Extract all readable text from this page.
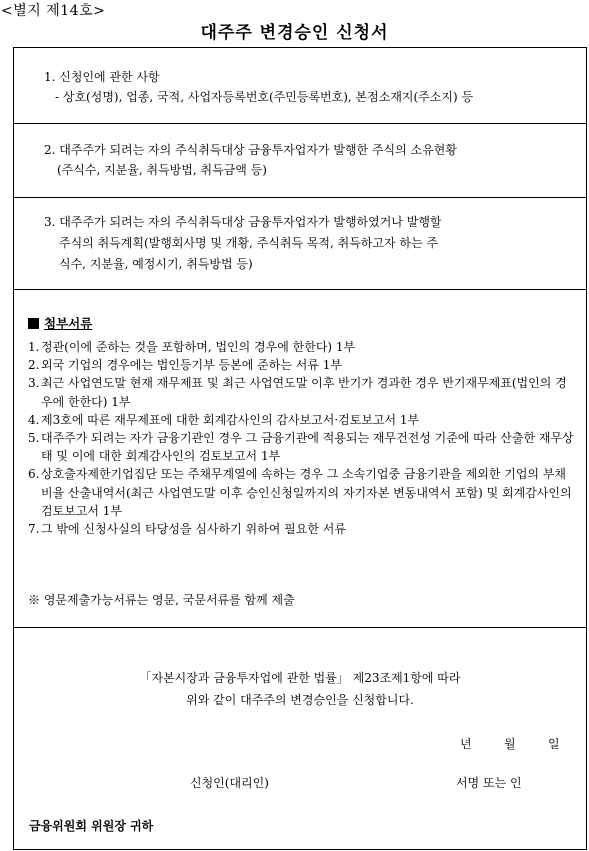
<별지 제14호>
대주주 변경승인 신청서
1. 신청인에 관한 사항
- 상호(성명), 업종, 국적, 사업자등록번호(주민등록번호), 본점소재지(주소지) 등
2. 대주주가 되려는 자의 주식취득대상 금융투자업자가 발행한 주식의 소유현황
(주식수, 지분율, 취득방법, 취득금액 등)
3. 대주주가 되려는 자의 주식취득대상 금융투자업자가 발행하였거나 발행할
주식의 취득계획(발행회사명 및 개황, 주식취득 목적, 취득하고자 하는 주
식수, 지분율, 예정시기, 취득방법 등)
첨부서류
1. 정관(이에 준하는 것을 포함하며, 법인의 경우에 한한다) 1부
2. 외국 기업의 경우에는 법인등기부 등본에 준하는 서류 1부
3. 최근 사업연도말 현재 재무제표 및 최근 사업연도말 이후 반기가 경과한 경우 반기재무제표(법인의 경우에 한한다) 1부
4. 제3호에 따른 재무제표에 대한 회계감사인의 감사보고서·검토보고서 1부
5. 대주주가 되려는 자가 금융기관인 경우 그 금융기관에 적용되는 재무건전성 기준에 따라 산출한 재무상태 및 이에 대한 회계감사인의 검토보고서 1부
6. 상호출자제한기업집단 또는 주채무계열에 속하는 경우 그 소속기업중 금융기관을 제외한 기업의 부채비율 산출내역서(최근 사업연도말 이후 승인신청일까지의 자기자본 변동내역서 포함) 및 회계감사인의 검토보고서 1부
7. 그 밖에 신청사실의 타당성을 심사하기 위하여 필요한 서류
※ 영문제출가능서류는 영문, 국문서류를 함께 제출
「자본시장과 금융투자업에 관한 법률」 제23조제1항에 따라
위와 같이 대주주의 변경승인을 신청합니다.
년	월	일
신청인(대리인)	서명 또는 인
금융위원회 위원장 귀하
